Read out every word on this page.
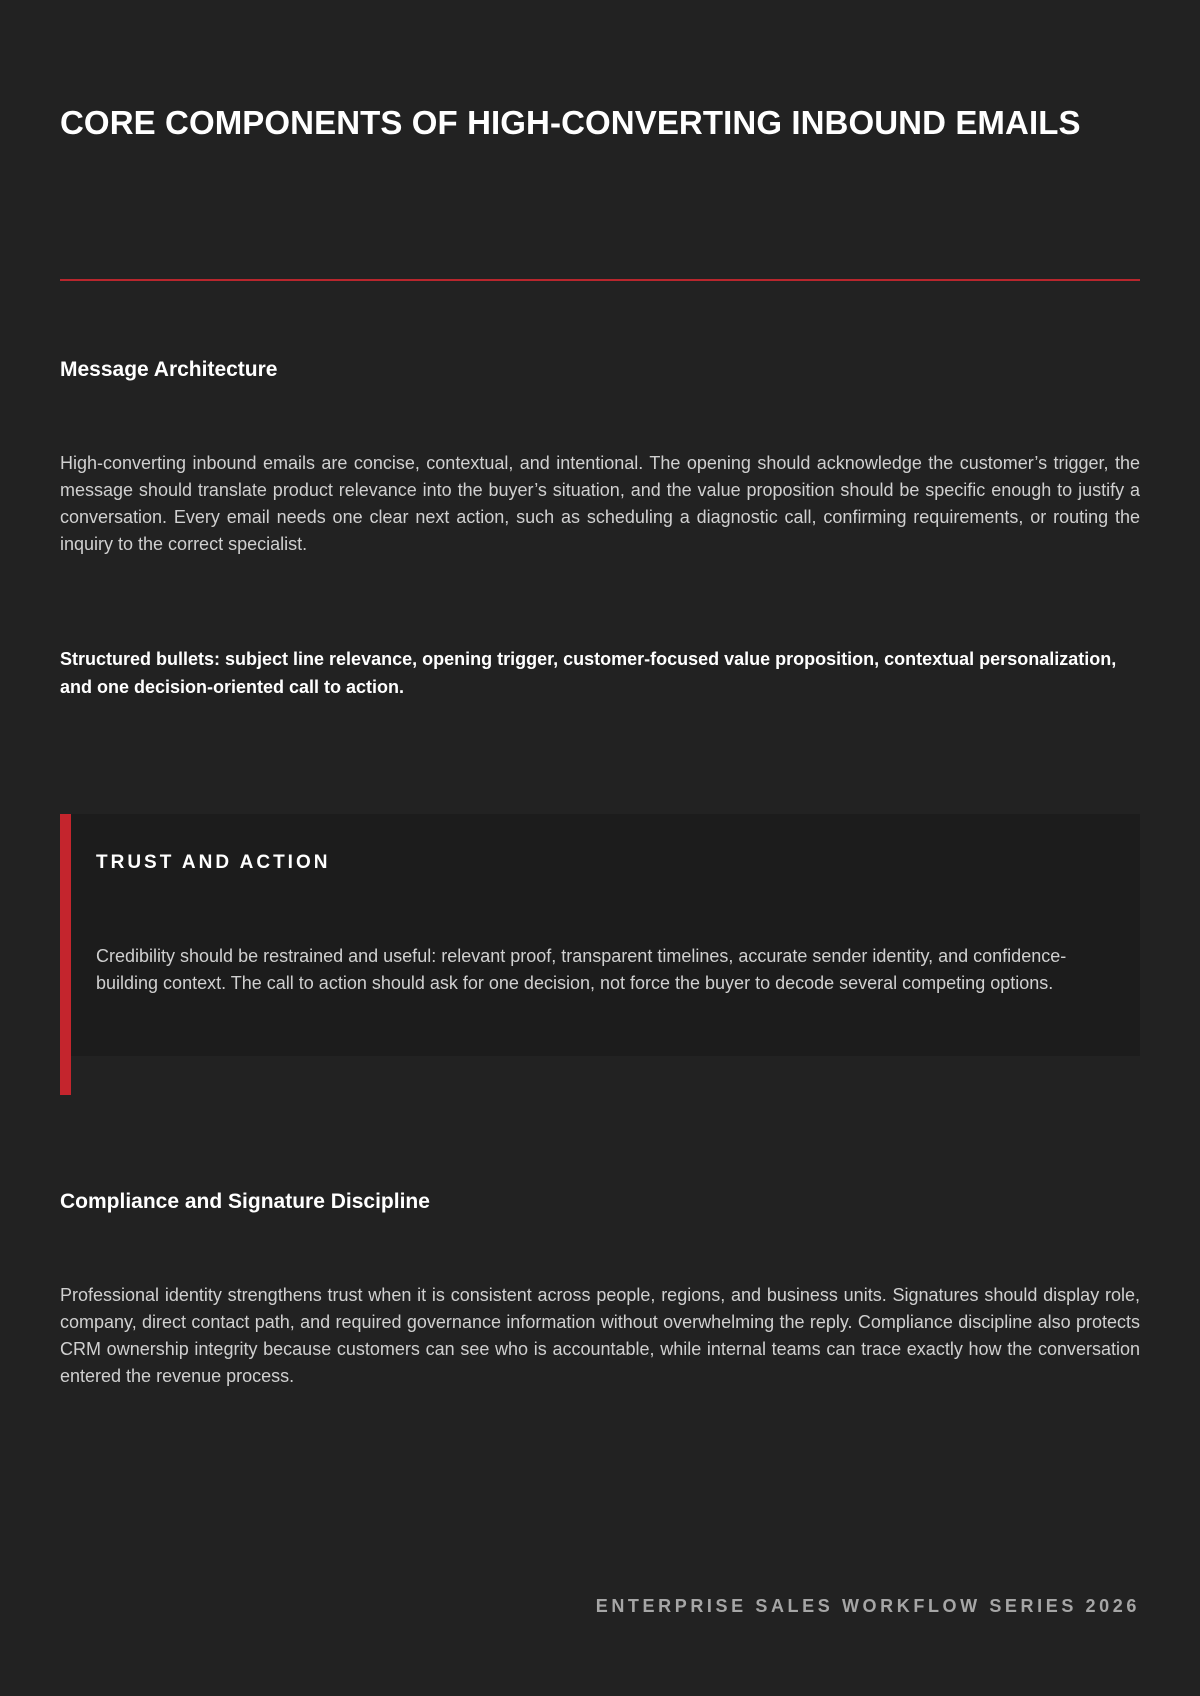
CORE COMPONENTS OF HIGH-CONVERTING INBOUND EMAILS
Message Architecture

High-converting inbound emails are concise, contextual, and intentional. The opening should acknowledge the customer’s trigger, the message should translate product relevance into the buyer’s situation, and the value proposition should be specific enough to justify a conversation. Every email needs one clear next action, such as scheduling a diagnostic call, confirming requirements, or routing the inquiry to the correct specialist.

Structured bullets: subject line relevance, opening trigger, customer-focused value proposition, contextual personalization, and one decision-oriented call to action.

TRUST AND ACTION

Credibility should be restrained and useful: relevant proof, transparent timelines, accurate sender identity, and confidence-building context. The call to action should ask for one decision, not force the buyer to decode several competing options.

Compliance and Signature Discipline

Professional identity strengthens trust when it is consistent across people, regions, and business units. Signatures should display role, company, direct contact path, and required governance information without overwhelming the reply. Compliance discipline also protects CRM ownership integrity because customers can see who is accountable, while internal teams can trace exactly how the conversation entered the revenue process.

ENTERPRISE SALES WORKFLOW SERIES 2026
